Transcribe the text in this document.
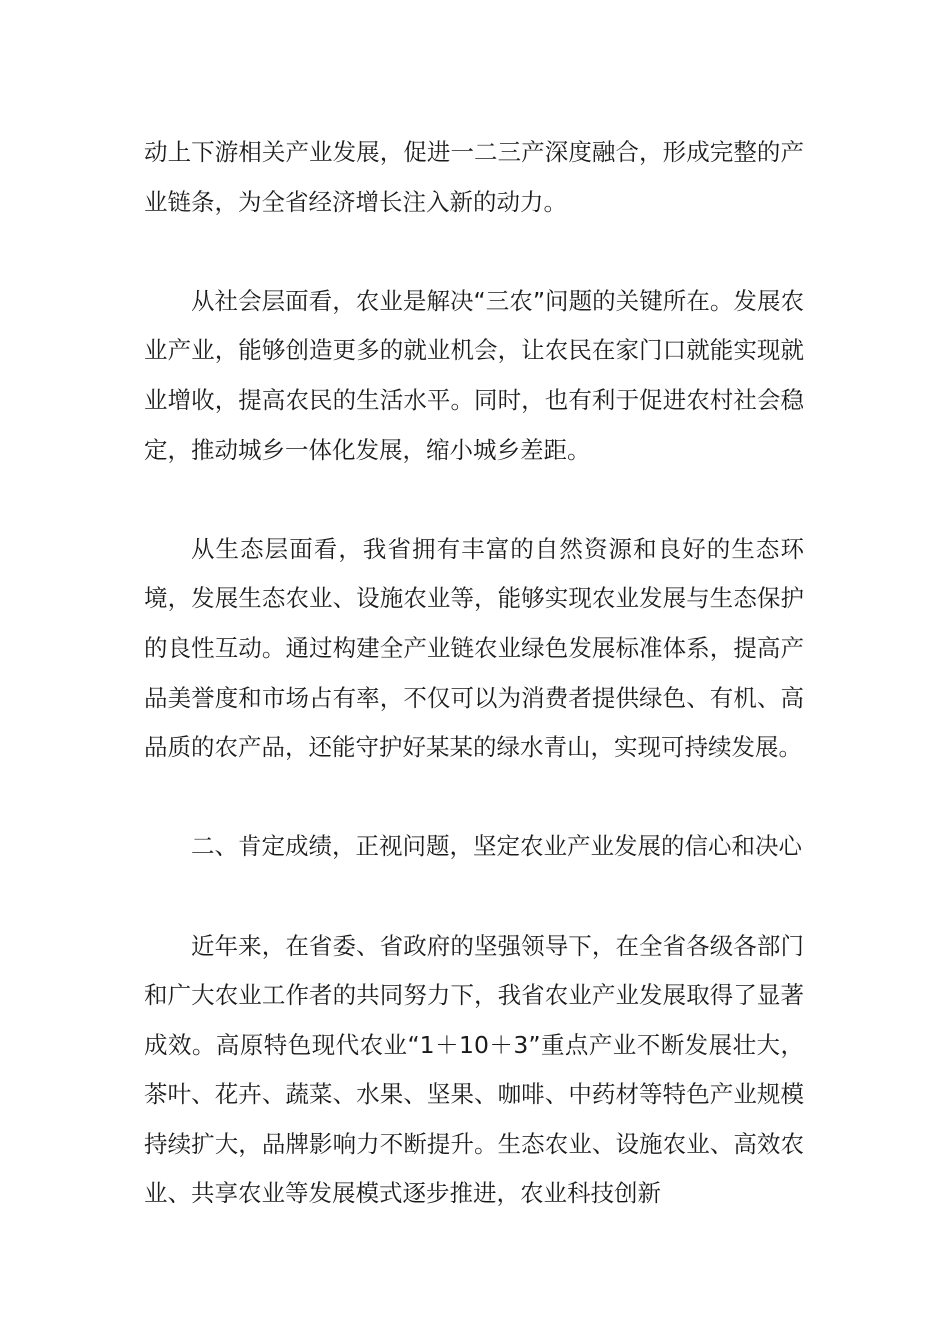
动上下游相关产业发展，促进一二三产深度融合，形成完整的产业链条，为全省经济增长注入新的动力。

从社会层面看，农业是解决“三农”问题的关键所在。发展农业产业，能够创造更多的就业机会，让农民在家门口就能实现就业增收，提高农民的生活水平。同时，也有利于促进农村社会稳定，推动城乡一体化发展，缩小城乡差距。

从生态层面看，我省拥有丰富的自然资源和良好的生态环境，发展生态农业、设施农业等，能够实现农业发展与生态保护的良性互动。通过构建全产业链农业绿色发展标准体系，提高产品美誉度和市场占有率，不仅可以为消费者提供绿色、有机、高品质的农产品，还能守护好某某的绿水青山，实现可持续发展。

二、肯定成绩，正视问题，坚定农业产业发展的信心和决心

近年来，在省委、省政府的坚强领导下，在全省各级各部门和广大农业工作者的共同努力下，我省农业产业发展取得了显著成效。高原特色现代农业“1＋10＋3”重点产业不断发展壮大，茶叶、花卉、蔬菜、水果、坚果、咖啡、中药材等特色产业规模持续扩大，品牌影响力不断提升。生态农业、设施农业、高效农业、共享农业等发展模式逐步推进，农业科技创新
